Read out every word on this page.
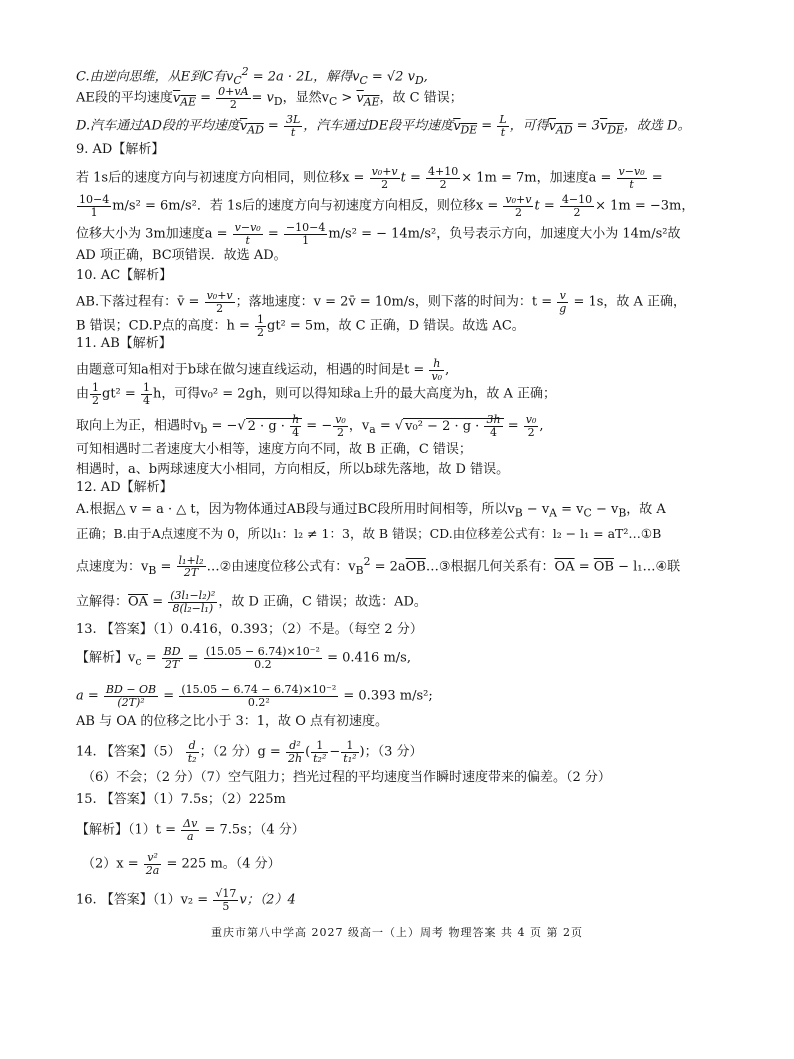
C.由逆向思维，从E到C有$v_C^2 = 2a \cdot 2L$，解得$v_C = √2$ $v_D$,
AE段的平均速度$v_{AE} = \frac{0+vA}{2} = v_D$，显然$v_C > v_{AE}$，故 C 错误；
D.汽车通过AD段的平均速度$v_{AD} = \frac{3L}{t}$ ，汽车通过DE段平均速度$v_{DE} = \frac{L}{t}$ ，可得$v_{AD} = 3v_{DE}$，故选 D。
9. AD【解析】
若 1s后的速度方向与初速度方向相同，则位移$x = \frac{\text{v₀+v}}{2}$ $t = \frac{4+10}{2} \times 1m = 7m$，加速度$a = \frac{\text{v−v₀}}{t}$ =
$\frac{10-4}{1} m/s^2 = 6m/s^2$．若 1s后的速度方向与初速度方向相反，则位移$x = \frac{\text{v₀+v}}{2}$ $t = \frac{4-10}{2} \times 1m = -3m$，
位移大小为 3m加速度$a = \frac{\text{v−v₀}}{t} = \frac{-10-4}{1} m/s^2$ = − 14m/s²，负号表示方向，加速度大小为 14m/s²故
AD 项正确，BC项错误．故选 AD。
10. AC【解析】
AB.下落过程有：v̄ = $\frac{\text{v₀+v}}{2}$ ；落地速度：v = 2v̄ = 10m/s，则下落的时间为：$t = \frac{v}{g} = 1s$，故 A 正确，
B 错误；CD.P点的高度：$h = \frac{1}{2} gt^2 = 5m$，故 C 正确，D 错误。故选 AC。
11. AB【解析】
由题意可知a相对于b球在做匀速直线运动，相遇的时间是$t = \frac{h}{\text{v₀}}$ ,
由 $\frac{1}{2} gt^2 = \frac{1}{4}$ h，可得v₀² = 2gh，则可以得知球a上升的最大高度为h，故 A 正确；
取向上为正，相遇时$v_b$ = −√ $2 \cdot g \cdot \frac{h}{4}$ = − $\frac{\text{v₀}}{2}$ ，$v_a$ = √ $v_0^2 - 2 \cdot g \cdot \frac{3h}{4} = \frac{\text{v₀}}{2}$ ,
可知相遇时二者速度大小相等，速度方向不同，故 B 正确，C 错误；
相遇时，a、b两球速度大小相同，方向相反，所以b球先落地，故 D 错误。
12. AD【解析】
A.根据△ v = a · △ t，因为物体通过AB段与通过BC段所用时间相等，所以$v_B - v_A = v_C - v_B$，故 A
正确；B.由于A点速度不为 0，所以l₁：l₂ ≠ 1：3，故 B 错误；CD.由位移差公式有：l₂ − l₁ = aT²…①B
点速度为：$v_B = \frac{\text{l₁+l₂}}{2T}$ …②由速度位移公式有：$v_B^2$ = $2a\overline{OB}\dots ③$根据几何关系有：$\overline{OA} = \overline{OB}$ − l₁…④联
立解得：$\overline{OA} = \frac{\text{(3l₁−l₂)²}}{\text{8(l₂−l₁)}}$ ，故 D 正确，C 错误；故选：AD。
13. 【答案】（1）0.416，0.393；（2）不是。（每空 2 分）
【解析】$v_c = \frac{BD}{2T} = \frac{\text{(15.05 − 6.74)×10⁻²}}{0.2} = 0.416$ m/s,
$a = \frac{BD - OB}{\text{(2T)²}} = \frac{\text{(15.05 − 6.74 − 6.74)×10⁻²}}{\text{0.2²}} = 0.393$ m/s²;
AB 与 OA 的位移之比小于 3：1，故 O 点有初速度。
14. 【答案】$(5) \frac{d}{\text{t₂}}$ ；（2 分）$g = \frac{\text{d²}}{2h}$ ( $\frac{1}{\text{t₂²}} - \frac{1}{\text{t₁²}}$ )；（3 分）
（6）不会；（2 分）（7）空气阻力；挡光过程的平均速度当作瞬时速度带来的偏差。（2 分）
15. 【答案】（1）7.5s；（2）225m
【解析】$(1)t = \frac{\Delta v}{a} = 7.5s$；（4 分）
$(2)x = \frac{\text{v²}}{2a} = 225$ m。（4 分）
16. 【答案】$(1)v_2 = \frac{√17}{5}$ v；（2）4
重庆市第八中学高 2027 级高一（上）周考 物理答案 共 4 页 第 2页
